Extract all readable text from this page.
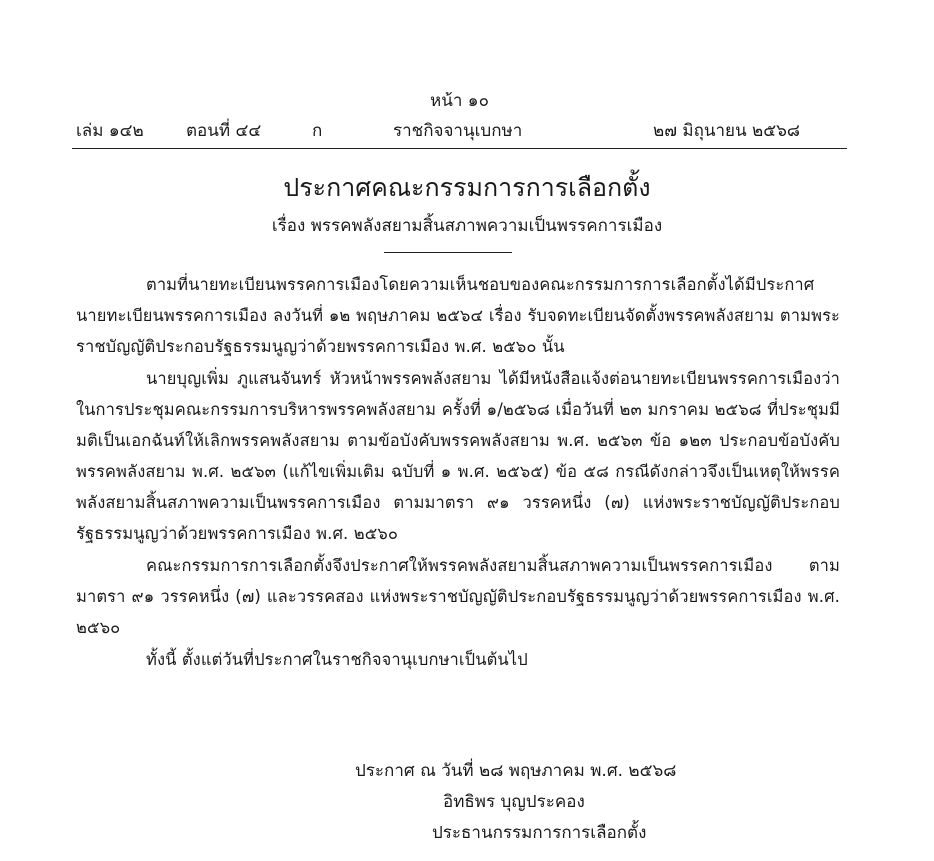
หน้า ๑๐
เล่ม ๑๔๒ ตอนที่ ๔๔	ก	ราชกิจจานุเบกษา	๒๗ มิถุนายน ๒๕๖๘
ประกาศคณะกรรมการการเลือกตั้ง
เรื่อง พรรคพลังสยามสิ้นสภาพความเป็นพรรคการเมือง

ตามที่นายทะเบียนพรรคการเมืองโดยความเห็นชอบของคณะกรรมการการเลือกตั้งได้มีประกาศนายทะเบียนพรรคการเมือง ลงวันที่ ๑๒ พฤษภาคม ๒๕๖๔ เรื่อง รับจดทะเบียนจัดตั้งพรรคพลังสยาม ตามพระราชบัญญัติประกอบรัฐธรรมนูญว่าด้วยพรรคการเมือง พ.ศ. ๒๕๖๐ นั้น

นายบุญเพิ่ม ภูแสนจันทร์ หัวหน้าพรรคพลังสยาม ได้มีหนังสือแจ้งต่อนายทะเบียนพรรคการเมืองว่า ในการประชุมคณะกรรมการบริหารพรรคพลังสยาม ครั้งที่ ๑/๒๕๖๘ เมื่อวันที่ ๒๓ มกราคม ๒๕๖๘ ที่ประชุมมีมติเป็นเอกฉันท์ให้เลิกพรรคพลังสยาม ตามข้อบังคับพรรคพลังสยาม พ.ศ. ๒๕๖๓ ข้อ ๑๒๓ ประกอบข้อบังคับพรรคพลังสยาม พ.ศ. ๒๕๖๓ (แก้ไขเพิ่มเติม ฉบับที่ ๑ พ.ศ. ๒๕๖๕) ข้อ ๕๘ กรณีดังกล่าวจึงเป็นเหตุให้พรรคพลังสยามสิ้นสภาพความเป็นพรรคการเมือง ตามมาตรา ๙๑ วรรคหนึ่ง (๗) แห่งพระราชบัญญัติประกอบรัฐธรรมนูญว่าด้วยพรรคการเมือง พ.ศ. ๒๕๖๐

คณะกรรมการการเลือกตั้งจึงประกาศให้พรรคพลังสยามสิ้นสภาพความเป็นพรรคการเมือง ตามมาตรา ๙๑ วรรคหนึ่ง (๗) และวรรคสอง แห่งพระราชบัญญัติประกอบรัฐธรรมนูญว่าด้วยพรรคการเมือง พ.ศ. ๒๕๖๐

ทั้งนี้ ตั้งแต่วันที่ประกาศในราชกิจจานุเบกษาเป็นต้นไป

ประกาศ ณ วันที่ ๒๘ พฤษภาคม พ.ศ. ๒๕๖๘
อิทธิพร บุญประคอง
ประธานกรรมการการเลือกตั้ง
